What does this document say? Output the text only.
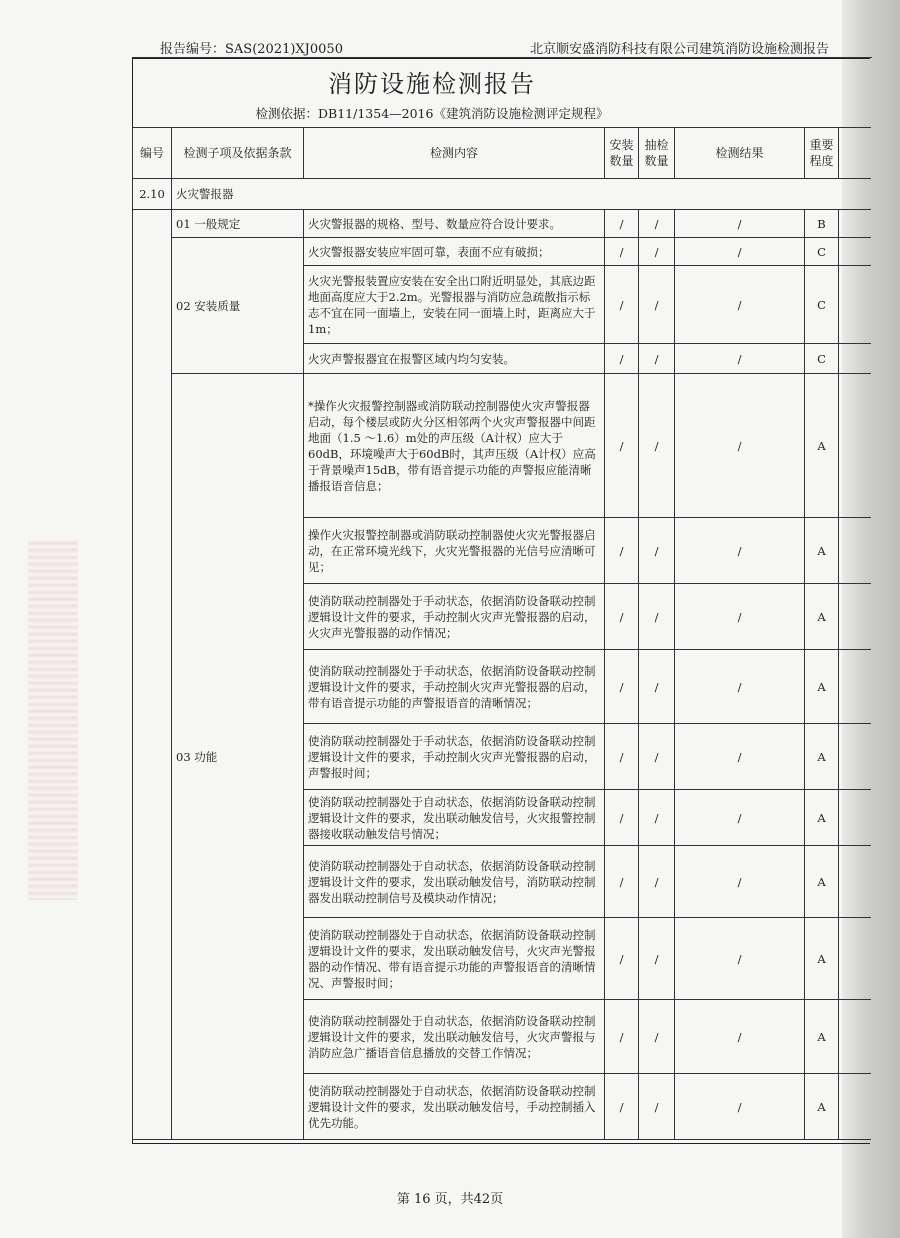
报告编号：SAS(2021)XJ0050	北京顺安盛消防科技有限公司建筑消防设施检测报告
消防设施检测报告
检测依据：DB11/1354—2016《建筑消防设施检测评定规程》
编号	检测子项及依据条款	检测内容	安装数量	抽检数量	检测结果	重要程度	
2.10	火灾警报器						
	01 一般规定	火灾警报器的规格、型号、数量应符合设计要求。	/	/	/	B	
	02 安装质量	火灾警报器安装应牢固可靠，表面不应有破损；	/	/	/	C	
		火灾光警报装置应安装在安全出口附近明显处，其底边距地面高度应大于2.2m。光警报器与消防应急疏散指示标志不宜在同一面墙上，安装在同一面墙上时，距离应大于1m；	/	/	/	C	
		火灾声警报器宜在报警区域内均匀安装。	/	/	/	C	
	03 功能	*操作火灾报警控制器或消防联动控制器使火灾声警报器启动，每个楼层或防火分区相邻两个火灾声警报器中间距地面（1.5 ～1.6）m处的声压级（A计权）应大于60dB，环境噪声大于60dB时，其声压级（A计权）应高于背景噪声15dB，带有语音提示功能的声警报应能清晰播报语音信息；	/	/	/	A	
		操作火灾报警控制器或消防联动控制器使火灾光警报器启动，在正常环境光线下，火灾光警报器的光信号应清晰可见；	/	/	/	A	
		使消防联动控制器处于手动状态，依据消防设备联动控制逻辑设计文件的要求，手动控制火灾声光警报器的启动，火灾声光警报器的动作情况；	/	/	/	A	
		使消防联动控制器处于手动状态，依据消防设备联动控制逻辑设计文件的要求，手动控制火灾声光警报器的启动，带有语音提示功能的声警报语音的清晰情况；	/	/	/	A	
		使消防联动控制器处于手动状态，依据消防设备联动控制逻辑设计文件的要求，手动控制火灾声光警报器的启动，声警报时间；	/	/	/	A	
		使消防联动控制器处于自动状态，依据消防设备联动控制逻辑设计文件的要求，发出联动触发信号，火灾报警控制器接收联动触发信号情况；	/	/	/	A	
		使消防联动控制器处于自动状态，依据消防设备联动控制逻辑设计文件的要求，发出联动触发信号，消防联动控制器发出联动控制信号及模块动作情况；	/	/	/	A	
		使消防联动控制器处于自动状态，依据消防设备联动控制逻辑设计文件的要求，发出联动触发信号，火灾声光警报器的动作情况、带有语音提示功能的声警报语音的清晰情况、声警报时间；	/	/	/	A	
		使消防联动控制器处于自动状态，依据消防设备联动控制逻辑设计文件的要求，发出联动触发信号，火灾声警报与消防应急广播语音信息播放的交替工作情况；	/	/	/	A	
		使消防联动控制器处于自动状态，依据消防设备联动控制逻辑设计文件的要求，发出联动触发信号，手动控制插入优先功能。	/	/	/	A	
第 16 页，共42页
